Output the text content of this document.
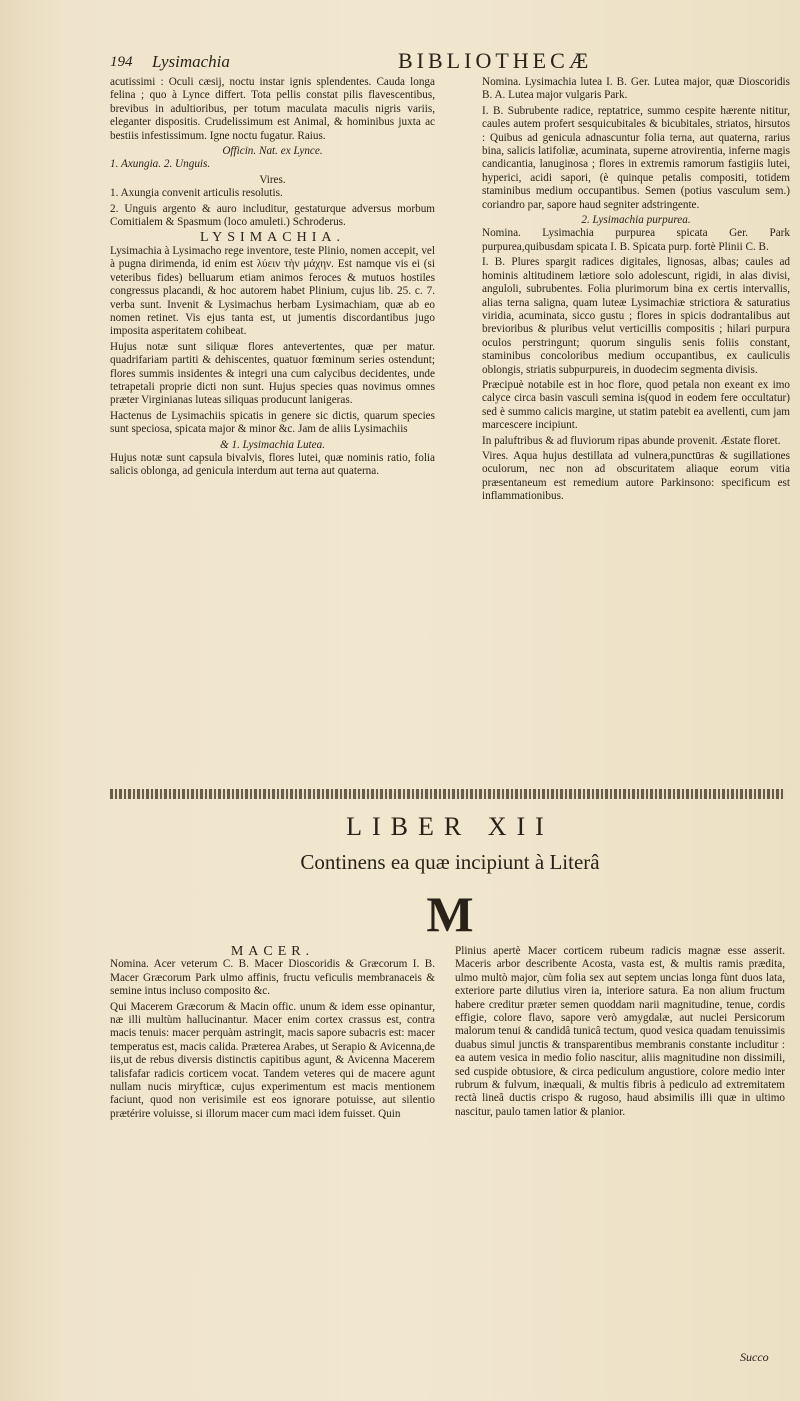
194 Lysimachia	BIBLIOTHECÆ

acutissimi : Oculi cæsij, noctu instar ignis splendentes. Cauda longa felina ; quo à Lynce differt. Tota pellis constat pilis flavescentibus, brevibus in adultioribus, per totum maculata maculis nigris variis, eleganter dispositis. Crudelissimum est Animal, & hominibus juxta ac bestiis infestissimum. Igne noctu fugatur. Raius.

Officin. Nat. ex Lynce.

1. Axungia. 2. Unguis.

Vires.

1. Axungia convenit articulis resolutis.

2. Unguis argento & auro includitur, gestaturque adversus morbum Comitialem & Spasmum (loco amuleti.) Schroderus.

LYSIMACHIA.

Lysimachia à Lysimacho rege inventore, teste Plinio, nomen accepit, vel à pugna dirimenda, id enim est λύειν τὴν μάχην. Est namque vis ei (si veteribus fides) belluarum etiam animos feroces & mutuos hostiles congressus placandi, & hoc autorem habet Plinium, cujus lib. 25. c. 7. verba sunt. Invenit & Lysimachus herbam Lysimachiam, quæ ab eo nomen retinet. Vis ejus tanta est, ut jumentis discordantibus jugo imposita asperitatem cohibeat.

Hujus notæ sunt siliquæ flores antevertentes, quæ per matur. quadrifariam partiti & dehiscentes, quatuor fœminum series ostendunt; flores summis insidentes & integri una cum calycibus decidentes, unde tetrapetali proprie dicti non sunt. Hujus species quas novimus omnes præter Virginianas luteas siliquas producunt lanigeras.

Hactenus de Lysimachiis spicatis in genere sic dictis, quarum species sunt speciosa, spicata major & minor &c. Jam de aliis Lysimachiis

& 1. Lysimachia Lutea.

Hujus notæ sunt capsula bivalvis, flores lutei, quæ nominis ratio, folia salicis oblonga, ad genicula interdum aut terna aut quaterna.

Nomina. Lysimachia lutea I. B. Ger. Lutea major, quæ Dioscoridis B. A. Lutea major vulgaris Park.

I. B. Subrubente radice, reptatrice, summo cespite hærente nititur, caules autem profert sesquicubitales & bicubitales, striatos, hirsutos : Quibus ad genicula adnascuntur folia terna, aut quaterna, rarius bina, salicis latifoliæ, acuminata, superne atrovirentia, inferne magis candicantia, lanuginosa ; flores in extremis ramorum fastigiis lutei, hyperici, acidi sapori, (è quinque petalis compositi, totidem staminibus medium occupantibus. Semen (potius vasculum sem.) coriandro par, sapore haud segniter adstringente.

2. Lysimachia purpurea.

Nomina. Lysimachia purpurea spicata Ger. Park purpurea,quibusdam spicata I. B. Spicata purp. fortè Plinii C. B.

I. B. Plures spargit radices digitales, lignosas, albas; caules ad hominis altitudinem lætiore solo adolescunt, rigidi, in alas divisi, anguloli, subrubentes. Folia plurimorum bina ex certis intervallis, alias terna saligna, quam luteæ Lysimachiæ strictiora & saturatius viridia, acuminata, sicco gustu ; flores in spicis dodrantalibus aut brevioribus & pluribus velut verticillis compositis ; hilari purpura oculos perstringunt; quorum singulis senis foliis constant, staminibus concoloribus medium occupantibus, ex cauliculis oblongis, striatis subpurpureis, in duodecim segmenta divisis.

Præcipuè notabile est in hoc flore, quod petala non exeant ex imo calyce circa basin vasculi semina is(quod in eodem fere occultatur) sed è summo calicis margine, ut statim patebit ea avellenti, cum jam marcescere incipiunt.

In paluftribus & ad fluviorum ripas abunde provenit. Æstate floret.

Vires. Aqua hujus destillata ad vulnera,punctūras & sugillationes oculorum, nec non ad obscuritatem aliaque eorum vitia præsentaneum est remedium autore Parkinsono: specificum est inflammationibus.

LIBER XII
Continens ea quæ incipiunt à Literâ
M

MACER.

Nomina. Acer veterum C. B. Macer Dioscoridis & Græcorum I. B. Macer Græcorum Park ulmo affinis, fructu veficulis membranaceis & semine intus incluso composito &c.

Qui Macerem Græcorum & Macin offic. unum & idem esse opinantur, næ illi multùm hallucinantur. Macer enim cortex crassus est, contra macis tenuis: macer perquàm astringit, macis sapore subacris est: macer temperatus est, macis calida. Præterea Arabes, ut Serapio & Avicenna,de iis,ut de rebus diversis distinctis capitibus agunt, & Avicenna Macerem talisfafar radicis corticem vocat. Tandem veteres qui de macere agunt nullam nucis miryfticæ, cujus experimentum est macis mentionem faciunt, quod non verisimile est eos ignorare potuisse, aut silentio prætérire voluisse, si illorum macer cum maci idem fuisset. Quin

Plinius apertè Macer corticem rubeum radicis magnæ esse asserit. Maceris arbor describente Acosta, vasta est, & multis ramis prædita, ulmo multò major, cùm folia sex aut septem uncias longa fùnt duos lata, exteriore parte dilutius viren ia, interiore satura. Ea non alium fructum habere creditur præter semen quoddam narii magnitudine, tenue, cordis effigie, colore flavo, sapore verò amygdalæ, aut nuclei Persicorum malorum tenui & candidâ tunicâ tectum, quod vesica quadam tenuissimis duabus simul junctis & transparentibus membranis constante includitur : ea autem vesica in medio folio nascitur, aliis magnitudine non dissimili, sed cuspide obtusiore, & circa pediculum angustiore, colore medio inter rubrum & fulvum, inæquali, & multis fibris à pediculo ad extremitatem rectà lineâ ductis crispo & rugoso, haud absimilis illi quæ in ultimo nascitur, paulo tamen latior & planior.

Succo
